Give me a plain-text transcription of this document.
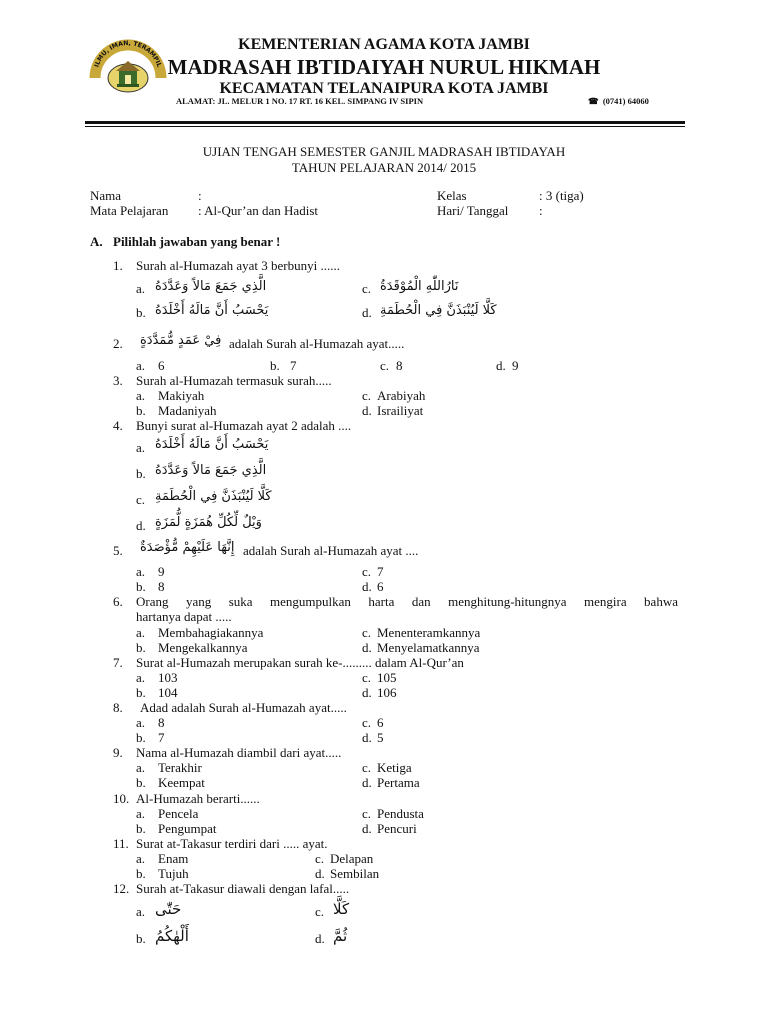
ILMU, IMAN, TERAMPIL
KEMENTERIAN AGAMA KOTA JAMBI
MADRASAH IBTIDAIYAH NURUL HIKMAH
KECAMATAN TELANAIPURA KOTA JAMBI
ALAMAT: JL. MELUR 1 NO. 17 RT. 16 KEL. SIMPANG IV SIPIN	☎ (0741) 64060
UJIAN TENGAH SEMESTER GANJIL MADRASAH IBTIDAYAH
TAHUN PELAJARAN 2014/ 2015
Nama	:
Mata Pelajaran : Al-Qur’an dan Hadist
Kelas	: 3 (tiga)
Hari/ Tanggal :
A. Pilihlah jawaban yang benar !
1. Surah al-Humazah ayat 3 berbunyi ......
a. الَّذِي جَمَعَ مَالاً وَعَدَّدَهُ	c. نَارُاللّٰهِ الْمُوْقَدَةُ
b. يَحْسَبُ أَنَّ مَالَهُ أَخْلَدَهُ	d. كَلَّا لَيُنْبَذَنَّ فِي الْحُطَمَةِ
2. فِيْ عَمَدٍ مُّمَدَّدَةٍ adalah Surah al-Humazah ayat.....
a. 6	b. 7	c. 8	d. 9
3. Surah al-Humazah termasuk surah.....
a. Makiyah	c. Arabiyah
b. Madaniyah	d. Israiliyat
4. Bunyi surat al-Humazah ayat 2 adalah ....
a. يَحْسَبُ أَنَّ مَالَهُ أَخْلَدَهُ
b. الَّذِي جَمَعَ مَالاً وَعَدَّدَهُ
c. كَلَّا لَيُنْبَذَنَّ فِي الْحُطَمَةِ
d. وَيْلٌ لِّكُلِّ هُمَزَةٍ لُّمَزَةٍ
5. إِنَّهَا عَلَيْهِمْ مُّؤْصَدَةٌ adalah Surah al-Humazah ayat ....
a. 9	c. 7
b. 8	d. 6
6. Orang yang suka mengumpulkan harta dan menghitung-hitungnya mengira bahwa
hartanya dapat .....
a. Membahagiakannya	c. Menenteramkannya
b. Mengekalkannya	d. Menyelamatkannya
7. Surat al-Humazah merupakan surah ke-......... dalam Al-Qur’an
a. 103	c. 105
b. 104	d. 106
8. Adad adalah Surah al-Humazah ayat.....
a. 8	c. 6
b. 7	d. 5
9. Nama al-Humazah diambil dari ayat.....
a. Terakhir	c. Ketiga
b. Keempat	d. Pertama
10. Al-Humazah berarti......
a. Pencela	c. Pendusta
b. Pengumpat	d. Pencuri
11. Surat at-Takasur terdiri dari ..... ayat.
a. Enam	c. Delapan
b. Tujuh	d. Sembilan
12. Surah at-Takasur diawali dengan lafal.....
a. حَتّٰى	c. كَلَّا
b. أَلْهٰكُمُ	d. ثُمَّ
